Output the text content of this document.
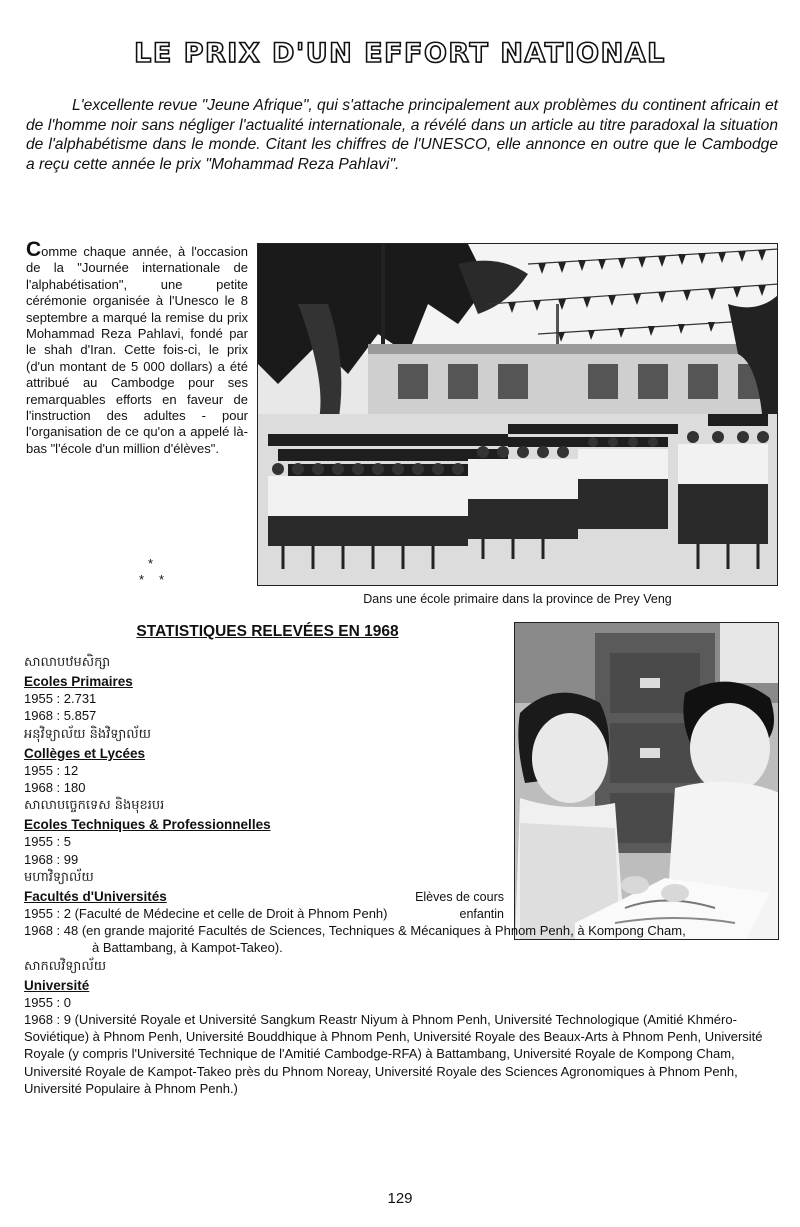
LE PRIX D'UN EFFORT NATIONAL

L'excellente revue "Jeune Afrique", qui s'attache principalement aux problèmes du continent africain et de l'homme noir sans négliger l'actualité internationale, a révélé dans un article au titre paradoxal la situation de l'alphabétisme dans le monde. Citant les chiffres de l'UNESCO, elle annonce en outre que le Cambodge a reçu cette année le prix "Mohammad Reza Pahlavi".

Comme chaque année, à l'occasion de la "Journée internationale de l'alphabétisation", une petite cérémonie organisée à l'Unesco le 8 septembre a marqué la remise du prix Mohammad Reza Pahlavi, fondé par le shah d'Iran. Cette fois-ci, le prix (d'un montant de 5 000 dollars) a été attribué au Cambodge pour ses remarquables efforts en faveur de l'instruction des adultes - pour l'organisation de ce qu'on a appelé là-bas "l'école d'un million d'élèves".

*
* *
Dans une école primaire dans la province de Prey Veng
STATISTIQUES RELEVÉES EN 1968
Elèves de cours enfantin
សាលាបឋមសិក្សា
Ecoles Primaires
1955 : 2.731
1968 : 5.857
អនុវិទ្យាល័យ និងវិទ្យាល័យ
Collèges et Lycées
1955 : 12
1968 : 180
សាលាបច្ចេកទេស និងមុខរបរ
Ecoles Techniques & Professionnelles
1955 : 5
1968 : 99
មហាវិទ្យាល័យ
Facultés d'Universités
1955 : 2 (Faculté de Médecine et celle de Droit à Phnom Penh)
1968 : 48 (en grande majorité Facultés de Sciences, Techniques & Mécaniques à Phnom Penh, à Kompong Cham,
à Battambang, à Kampot-Takeo).
សាកលវិទ្យាល័យ
Université
1955 : 0
1968 : 9 (Université Royale et Université Sangkum Reastr Niyum à Phnom Penh, Université Technologique (Amitié Khméro-Soviétique) à Phnom Penh, Université Bouddhique à Phnom Penh, Université Royale des Beaux-Arts à Phnom Penh, Université Royale (y compris l'Université Technique de l'Amitié Cambodge-RFA) à Battambang, Université Royale de Kompong Cham, Université Royale de Kampot-Takeo près du Phnom Noreay, Université Royale des Sciences Agronomiques à Phnom Penh, Université Populaire à Phnom Penh.)
129
